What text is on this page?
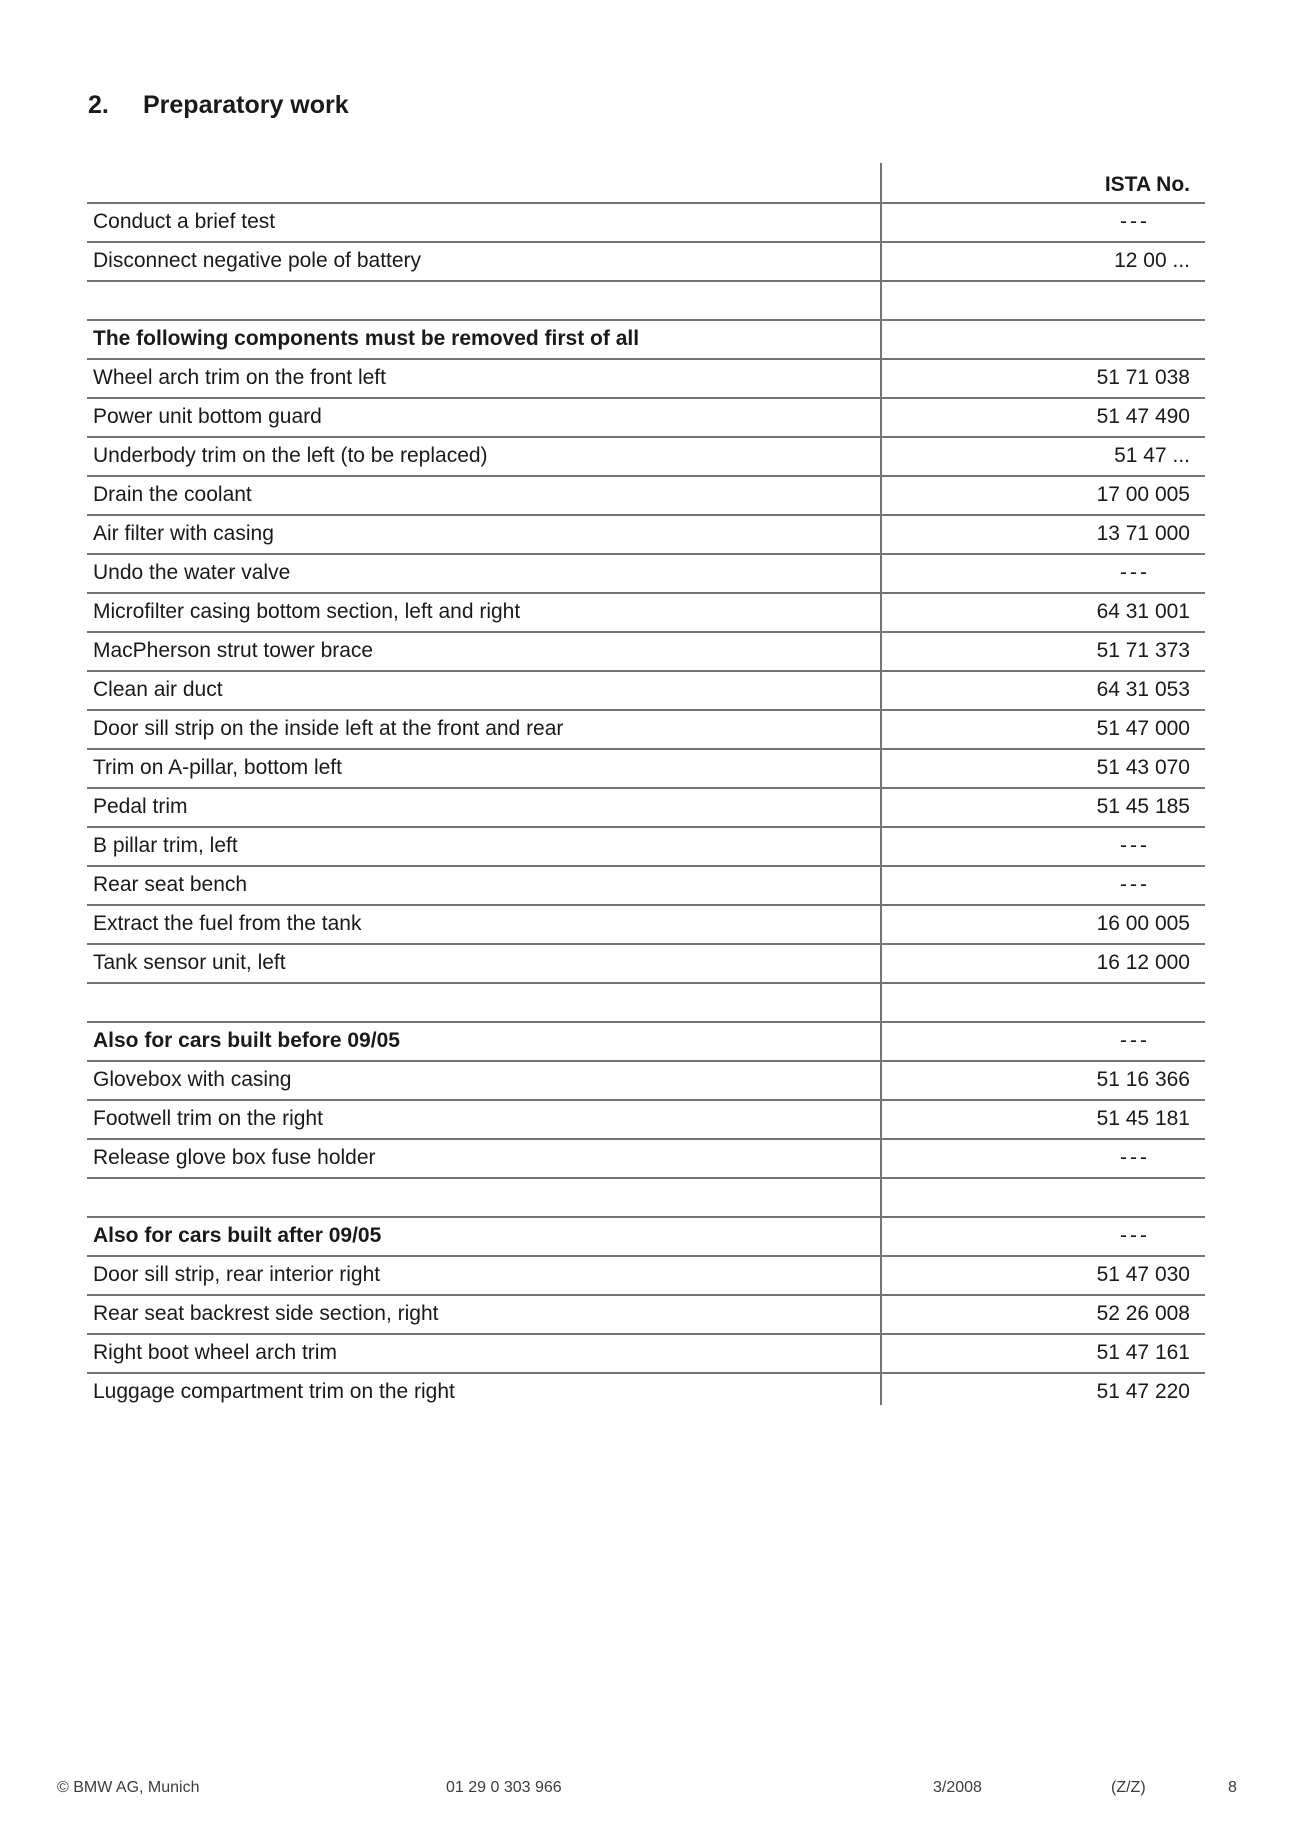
2.	Preparatory work
ISTA No.
Conduct a brief test	---
Disconnect negative pole of battery	12 00 ...
The following components must be removed first of all
Wheel arch trim on the front left	51 71 038
Power unit bottom guard	51 47 490
Underbody trim on the left (to be replaced)	51 47 ...
Drain the coolant	17 00 005
Air filter with casing	13 71 000
Undo the water valve	---
Microfilter casing bottom section, left and right	64 31 001
MacPherson strut tower brace	51 71 373
Clean air duct	64 31 053
Door sill strip on the inside left at the front and rear	51 47 000
Trim on A-pillar, bottom left	51 43 070
Pedal trim	51 45 185
B pillar trim, left	---
Rear seat bench	---
Extract the fuel from the tank	16 00 005
Tank sensor unit, left	16 12 000
Also for cars built before 09/05	---
Glovebox with casing	51 16 366
Footwell trim on the right	51 45 181
Release glove box fuse holder	---
Also for cars built after 09/05	---
Door sill strip, rear interior right	51 47 030
Rear seat backrest side section, right	52 26 008
Right boot wheel arch trim	51 47 161
Luggage compartment trim on the right	51 47 220
© BMW AG, Munich	01 29 0 303 966	3/2008	(Z/Z)	8
